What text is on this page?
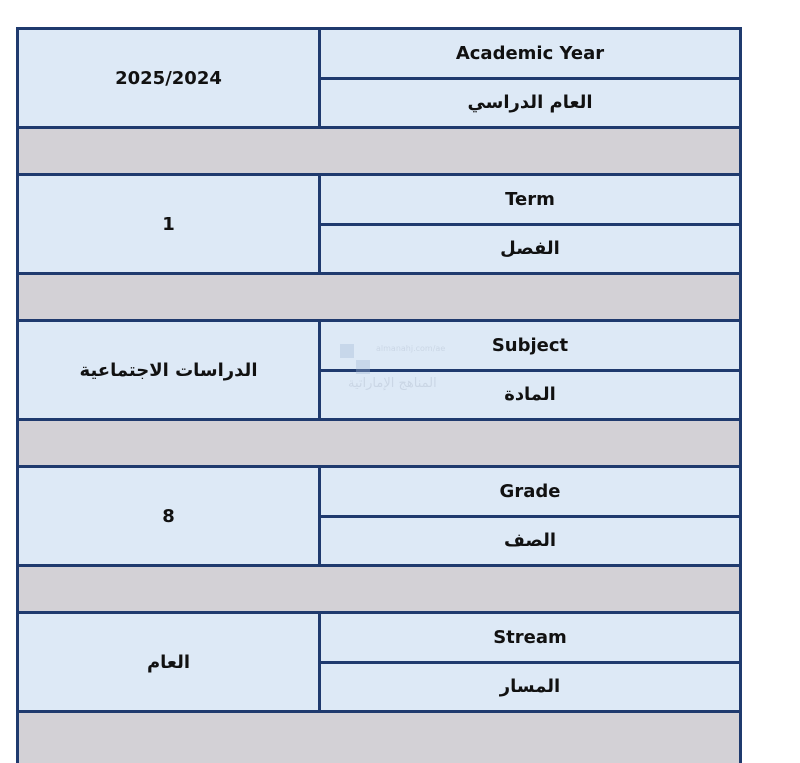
2025/2024
Academic Year
العام الدراسي
1
Term
الفصل
الدراسات الاجتماعية
Subject
المادة
8
Grade
الصف
العام
Stream
المسار
almanahj.com/ae
المناهج الإماراتية
